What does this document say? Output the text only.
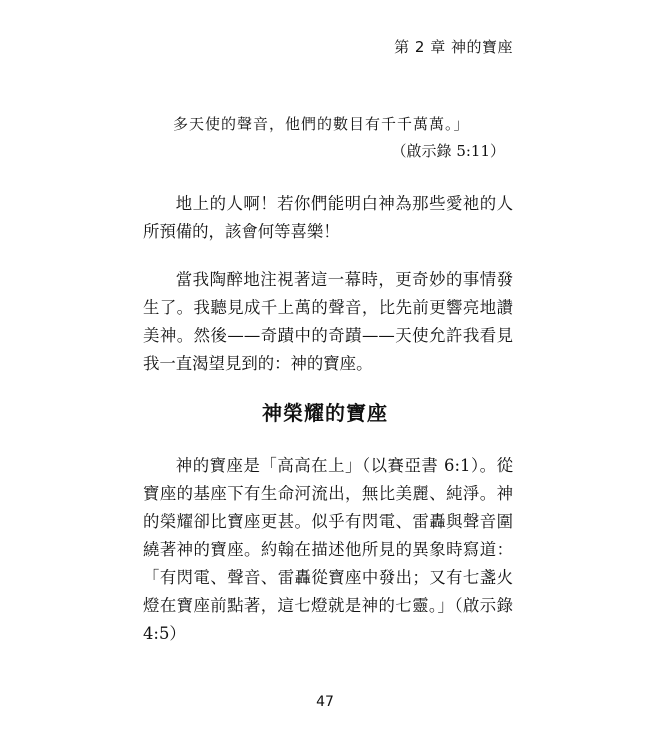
第 2 章 神的寶座
多天使的聲音，他們的數目有千千萬萬。」
（啟示錄 5:11）

地上的人啊！若你們能明白神為那些愛祂的人所預備的，該會何等喜樂！

當我陶醉地注視著這一幕時，更奇妙的事情發生了。我聽見成千上萬的聲音，比先前更響亮地讚美神。然後——奇蹟中的奇蹟——天使允許我看見我一直渴望見到的：神的寶座。

神榮耀的寶座

神的寶座是「高高在上」（以賽亞書 6:1）。從寶座的基座下有生命河流出，無比美麗、純淨。神的榮耀卻比寶座更甚。似乎有閃電、雷轟與聲音圍繞著神的寶座。約翰在描述他所見的異象時寫道：「有閃電、聲音、雷轟從寶座中發出；又有七盞火燈在寶座前點著，這七燈就是神的七靈。」（啟示錄 4:5）

47
